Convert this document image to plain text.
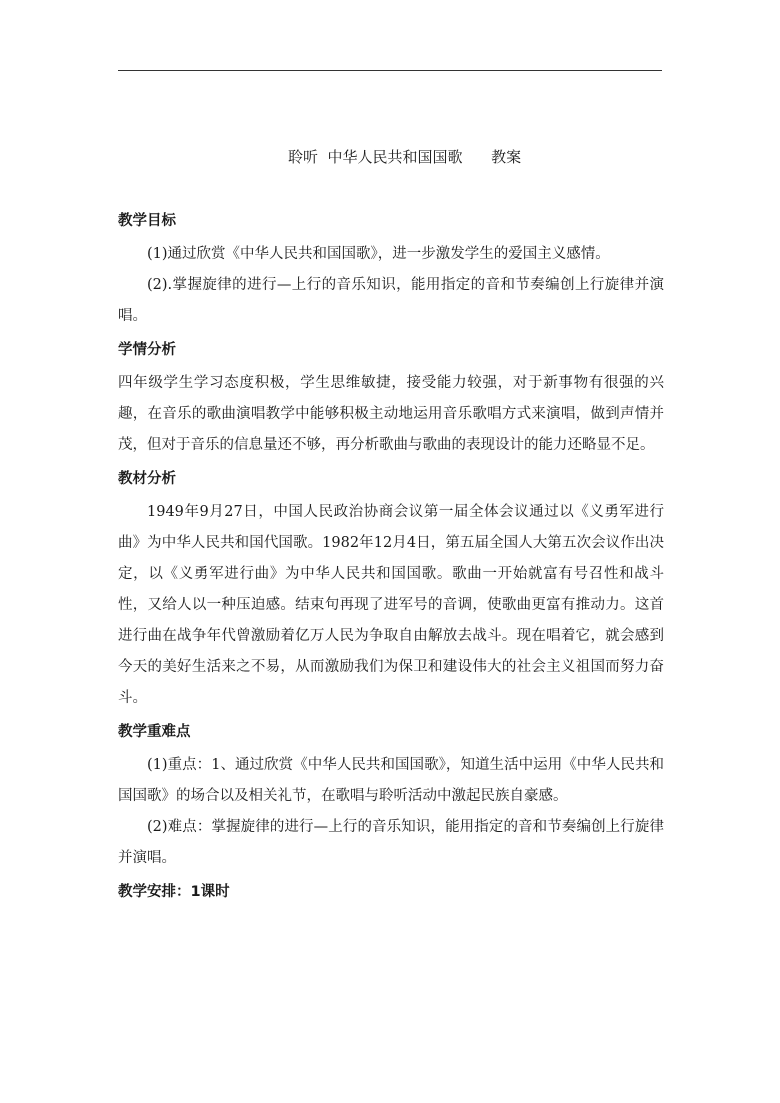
聆听  中华人民共和国国歌      教案

教学目标

(1)通过欣赏《中华人民共和国国歌》，进一步激发学生的爱国主义感情。

(2).掌握旋律的进行—上行的音乐知识，能用指定的音和节奏编创上行旋律并演唱。

学情分析

四年级学生学习态度积极，学生思维敏捷，接受能力较强，对于新事物有很强的兴趣，在音乐的歌曲演唱教学中能够积极主动地运用音乐歌唱方式来演唱，做到声情并茂，但对于音乐的信息量还不够，再分析歌曲与歌曲的表现设计的能力还略显不足。

教材分析

1949年9月27日，中国人民政治协商会议第一届全体会议通过以《义勇军进行曲》为中华人民共和国代国歌。1982年12月4日，第五届全国人大第五次会议作出决定，以《义勇军进行曲》为中华人民共和国国歌。歌曲一开始就富有号召性和战斗性，又给人以一种压迫感。结束句再现了进军号的音调，使歌曲更富有推动力。这首进行曲在战争年代曾激励着亿万人民为争取自由解放去战斗。现在唱着它，就会感到今天的美好生活来之不易，从而激励我们为保卫和建设伟大的社会主义祖国而努力奋斗。

教学重难点

(1)重点：1、通过欣赏《中华人民共和国国歌》，知道生活中运用《中华人民共和国国歌》的场合以及相关礼节，在歌唱与聆听活动中激起民族自豪感。

(2)难点：掌握旋律的进行—上行的音乐知识，能用指定的音和节奏编创上行旋律并演唱。

教学安排：1课时
